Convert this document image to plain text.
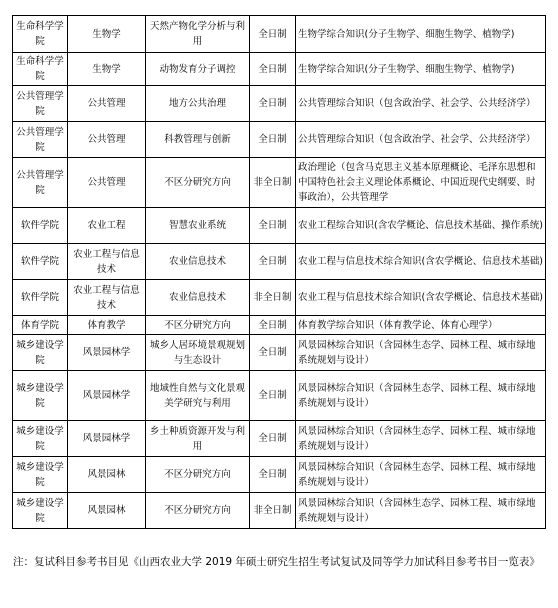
生命科学学院	生物学	天然产物化学分析与利用	全日制	生物学综合知识(分子生物学、细胞生物学、植物学)
生命科学学院	生物学	动物发育分子调控	全日制	生物学综合知识(分子生物学、细胞生物学、植物学)
公共管理学院	公共管理	地方公共治理	全日制	公共管理综合知识（包含政治学、社会学、公共经济学）
公共管理学院	公共管理	科教管理与创新	全日制	公共管理综合知识（包含政治学、社会学、公共经济学）
公共管理学院	公共管理	不区分研究方向	非全日制	政治理论（包含马克思主义基本原理概论、毛泽东思想和中国特色社会主义理论体系概论、中国近现代史纲要、时事政治），公共管理学
软件学院	农业工程	智慧农业系统	全日制	农业工程综合知识(含农学概论、信息技术基础、操作系统)
软件学院	农业工程与信息技术	农业信息技术	全日制	农业工程与信息技术综合知识(含农学概论、信息技术基础)
软件学院	农业工程与信息技术	农业信息技术	非全日制	农业工程与信息技术综合知识(含农学概论、信息技术基础)
体育学院	体育教学	不区分研究方向	全日制	体育教学综合知识（体育教学论、体育心理学）
城乡建设学院	风景园林学	城乡人居环境景观规划与生态设计	全日制	风景园林综合知识（含园林生态学、园林工程、城市绿地系统规划与设计）
城乡建设学院	风景园林学	地域性自然与文化景观美学研究与利用	全日制	风景园林综合知识（含园林生态学、园林工程、城市绿地系统规划与设计）
城乡建设学院	风景园林学	乡土种质资源开发与利用	全日制	风景园林综合知识（含园林生态学、园林工程、城市绿地系统规划与设计）
城乡建设学院	风景园林	不区分研究方向	全日制	风景园林综合知识（含园林生态学、园林工程、城市绿地系统规划与设计）
城乡建设学院	风景园林	不区分研究方向	非全日制	风景园林综合知识（含园林生态学、园林工程、城市绿地系统规划与设计）
注：复试科目参考书目见《山西农业大学 2019 年硕士研究生招生考试复试及同等学力加试科目参考书目一览表》
